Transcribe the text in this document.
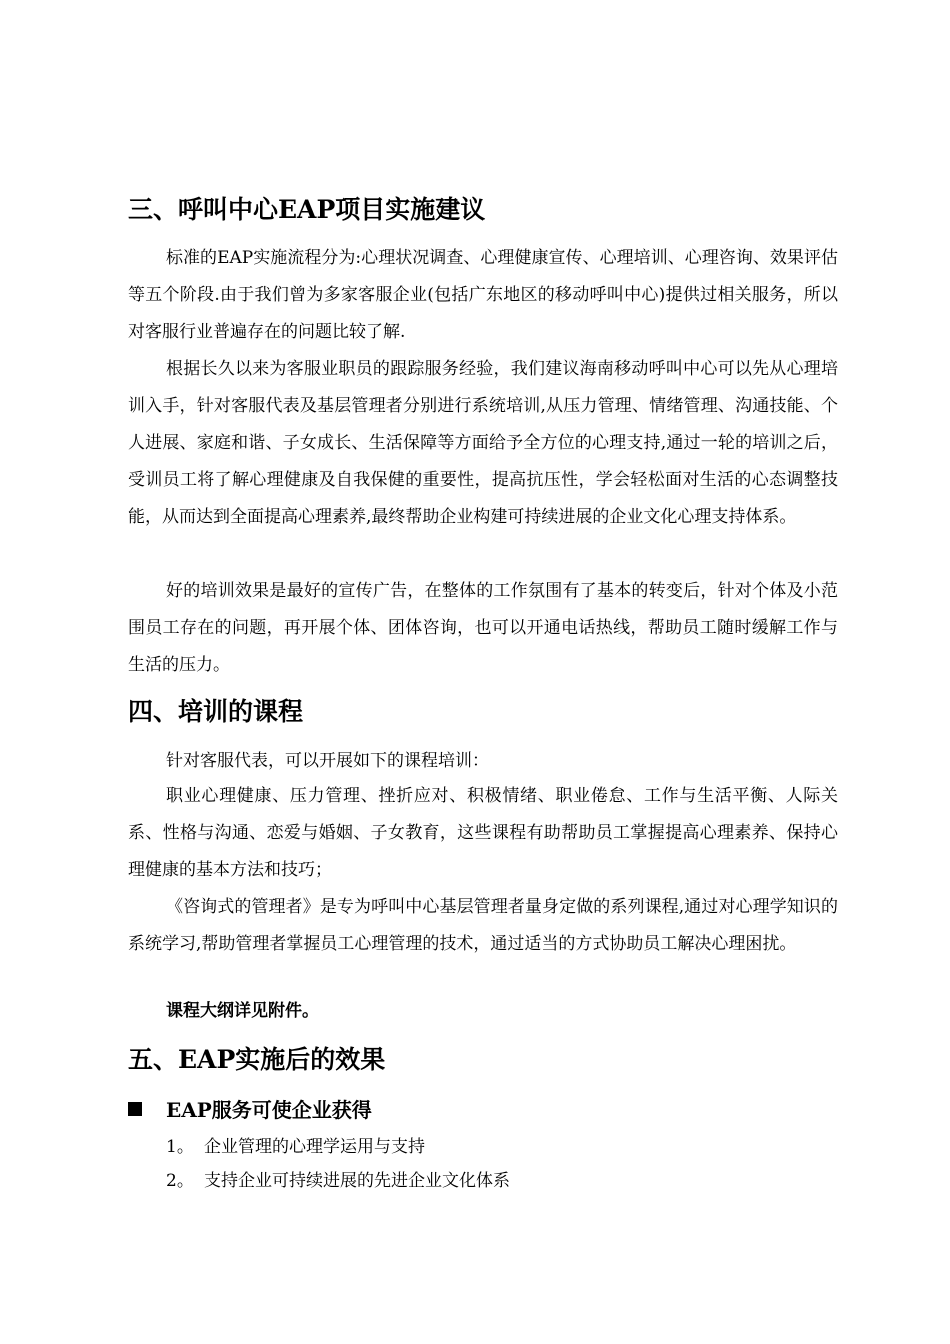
三、呼叫中心EAP项目实施建议
标准的EAP实施流程分为:心理状况调查、心理健康宣传、心理培训、心理咨询、效果评估等五个阶段.由于我们曾为多家客服企业(包括广东地区的移动呼叫中心)提供过相关服务，所以对客服行业普遍存在的问题比较了解.
根据长久以来为客服业职员的跟踪服务经验，我们建议海南移动呼叫中心可以先从心理培训入手，针对客服代表及基层管理者分别进行系统培训,从压力管理、情绪管理、沟通技能、个人进展、家庭和谐、子女成长、生活保障等方面给予全方位的心理支持,通过一轮的培训之后，受训员工将了解心理健康及自我保健的重要性，提高抗压性，学会轻松面对生活的心态调整技能，从而达到全面提高心理素养,最终帮助企业构建可持续进展的企业文化心理支持体系。
好的培训效果是最好的宣传广告，在整体的工作氛围有了基本的转变后，针对个体及小范围员工存在的问题，再开展个体、团体咨询，也可以开通电话热线，帮助员工随时缓解工作与生活的压力。
四、培训的课程
针对客服代表，可以开展如下的课程培训：
职业心理健康、压力管理、挫折应对、积极情绪、职业倦怠、工作与生活平衡、人际关系、性格与沟通、恋爱与婚姻、子女教育，这些课程有助帮助员工掌握提高心理素养、保持心理健康的基本方法和技巧；
《咨询式的管理者》是专为呼叫中心基层管理者量身定做的系列课程,通过对心理学知识的系统学习,帮助管理者掌握员工心理管理的技术，通过适当的方式协助员工解决心理困扰。
课程大纲详见附件。
五、EAP实施后的效果
EAP服务可使企业获得
1。 企业管理的心理学运用与支持
2。 支持企业可持续进展的先进企业文化体系
